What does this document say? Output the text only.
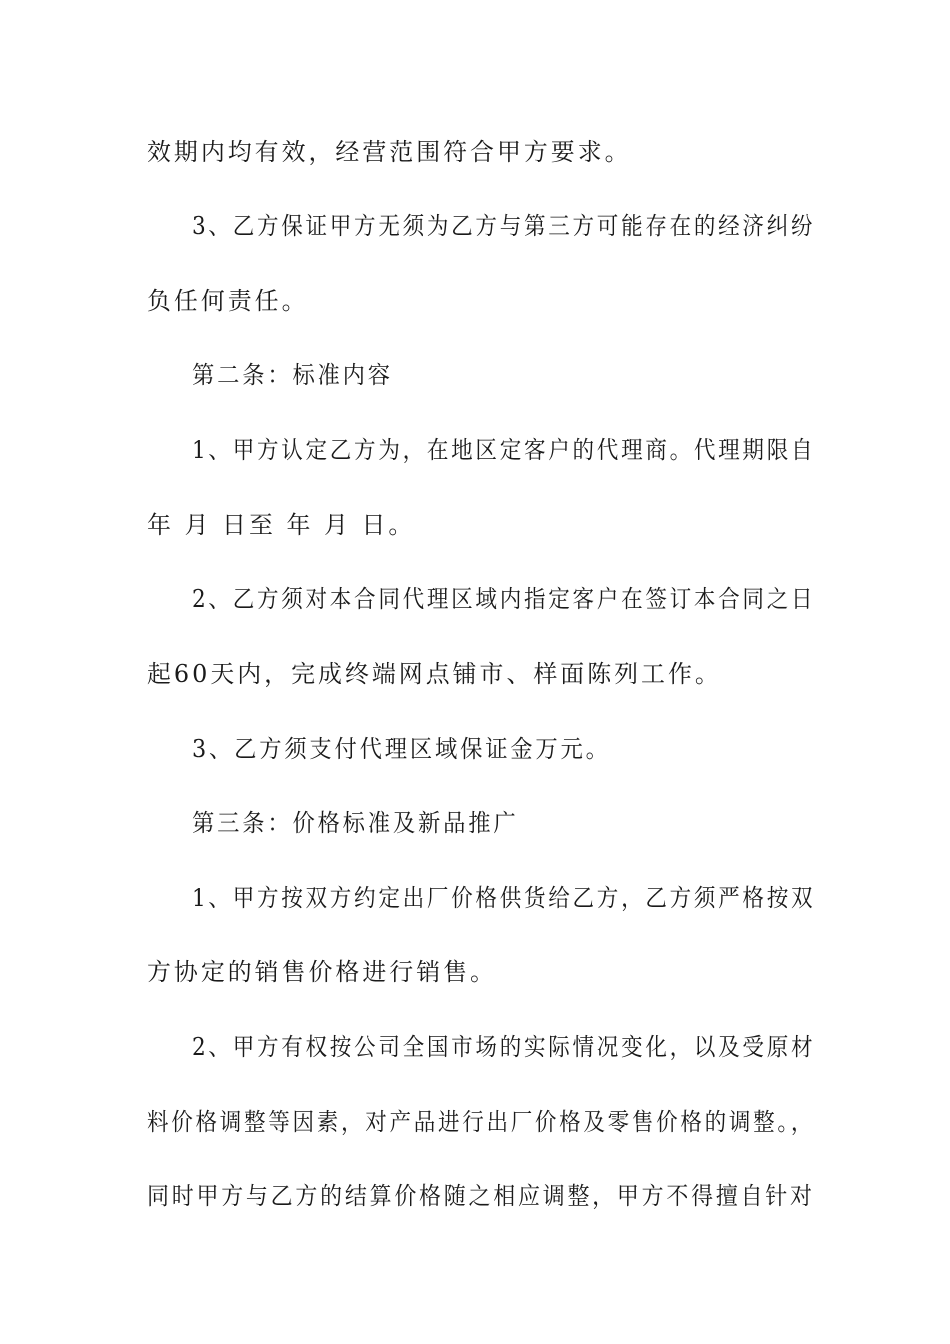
效期内均有效，经营范围符合甲方要求。
3、乙方保证甲方无须为乙方与第三方可能存在的经济纠纷
负任何责任。
第二条：标准内容
1、甲方认定乙方为，在地区定客户的代理商。代理期限自
年 月 日至 年 月 日。
2、乙方须对本合同代理区域内指定客户在签订本合同之日
起60天内，完成终端网点铺市、样面陈列工作。
3、乙方须支付代理区域保证金万元。
第三条：价格标准及新品推广
1、甲方按双方约定出厂价格供货给乙方，乙方须严格按双
方协定的销售价格进行销售。
2、甲方有权按公司全国市场的实际情况变化，以及受原材
料价格调整等因素，对产品进行出厂价格及零售价格的调整。，
同时甲方与乙方的结算价格随之相应调整，甲方不得擅自针对
